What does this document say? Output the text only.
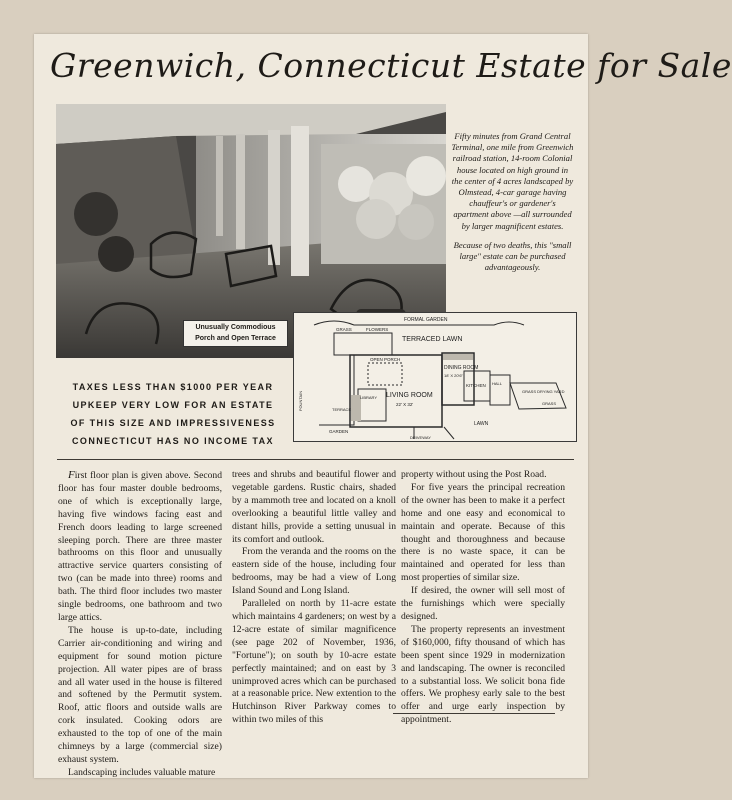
Greenwich, Connecticut Estate for Sale
Unusually Commodious
Porch and Open Terrace

Fifty minutes from Grand Central Terminal, one mile from Greenwich railroad station, 14-room Colonial house located on high ground in the center of 4 acres landscaped by Olmstead, 4-car garage having chauffeur's or gardener's apartment above —all surrounded by larger magnificent estates.

Because of two deaths, this "small large" estate can be purchased advantageously.

FORMAL GARDEN
GRASS	FLOWERS
TERRACED LAWN
OPEN PORCH
DINING ROOM
18' X 20'6"
LIVING ROOM
22' X 32'
LIBRARY
KITCHEN HALL
TERRACE
GRASS DRYING YARD
GRASS
FOUNTAIN
GARDEN
LAWN
DRIVEWAY
TAXES LESS THAN $1000 PER YEAR
UPKEEP VERY LOW FOR AN ESTATE
OF THIS SIZE AND IMPRESSIVENESS
CONNECTICUT HAS NO INCOME TAX

First floor plan is given above. Second floor has four master double bedrooms, one of which is exceptionally large, having five windows facing east and French doors leading to large screened sleeping porch. There are three master bathrooms on this floor and unusually attractive service quarters consisting of two (can be made into three) rooms and bath. The third floor includes two master single bedrooms, one bathroom and two large attics.

The house is up-to-date, including Carrier air-conditioning and wiring and equipment for sound motion picture projection. All water pipes are of brass and all water used in the house is filtered and softened by the Permutit system. Roof, attic floors and outside walls are cork insulated. Cooking odors are exhausted to the top of one of the main chimneys by a large (commercial size) exhaust system.

Landscaping includes valuable mature

trees and shrubs and beautiful flower and vegetable gardens. Rustic chairs, shaded by a mammoth tree and located on a knoll overlooking a beautiful little valley and distant hills, provide a setting unusual in its comfort and outlook.

From the veranda and the rooms on the eastern side of the house, including four bedrooms, may be had a view of Long Island Sound and Long Island.

Paralleled on north by 11-acre estate which maintains 4 gardeners; on west by a 12-acre estate of similar magnificence (see page 202 of November, 1936, "Fortune"); on south by 10-acre estate perfectly maintained; and on east by 3 unimproved acres which can be purchased at a reasonable price. New extention to the Hutchinson River Parkway comes to within two miles of this

property without using the Post Road.

For five years the principal recreation of the owner has been to make it a perfect home and one easy and economical to maintain and operate. Because of this thought and thoroughness and because there is no waste space, it can be maintained and operated for less than most properties of similar size.

If desired, the owner will sell most of the furnishings which were specially designed.

The property represents an investment of $160,000, fifty thousand of which has been spent since 1929 in modernization and landscaping. The owner is reconciled to a substantial loss. We solicit bona fide offers. We prophesy early sale to the best offer and urge early inspection by appointment.
